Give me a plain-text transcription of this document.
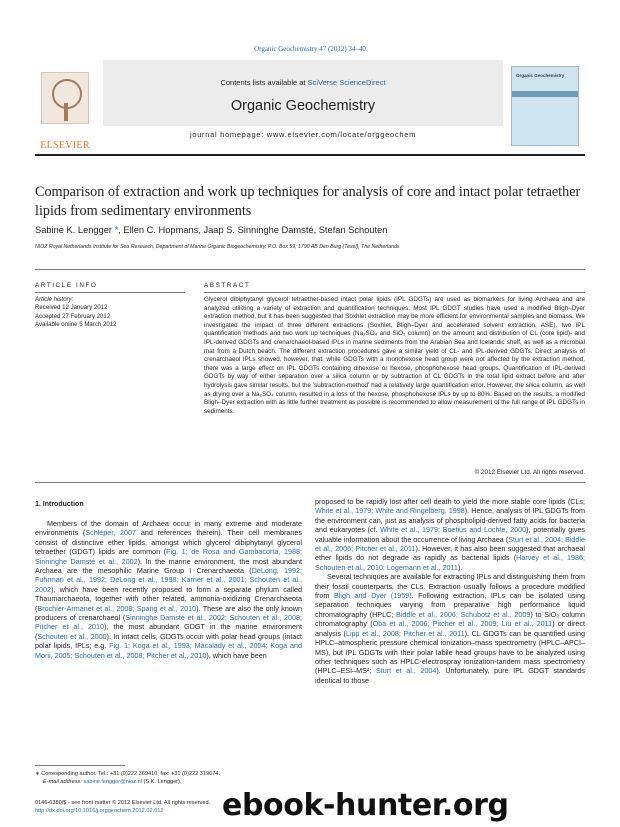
Organic Geochemistry 47 (2012) 34–40
ELSEVIER
Contents lists available at SciVerse ScienceDirect
Organic Geochemistry
journal homepage: www.elsevier.com/locate/orggeochem
Organic Geochemistry
Comparison of extraction and work up techniques for analysis of core and intact polar tetraether lipids from sedimentary environments
Sabine K. Lengger *, Ellen C. Hopmans, Jaap S. Sinninghe Damsté, Stefan Schouten
NIOZ Royal Netherlands Institute for Sea Research, Department of Marine Organic Biogeochemistry, P.O. Box 59, 1790 AB Den Burg (Texel), The Netherlands
ARTICLE INFO	ABSTRACT
Article history:
Received 12 January 2012
Accepted 27 February 2012
Available online 5 March 2012
Glycerol dibiphytanyl glycerol tetraether-based intact polar lipids (IPL GDGTs) are used as biomarkers for living Archaea and are analyzed utilizing a variety of extraction and quantification techniques. Most IPL GDGT studies have used a modified Bligh–Dyer extraction method, but it has been suggested that Soxhlet extraction may be more efficient for environmental samples and biomass. We investigated the impact of three different extractions (Soxhlet, Bligh–Dyer and accelerated solvent extraction, ASE), two IPL quantification methods and two work up techniques (Na₂SO₄ and SiO₂ column) on the amount and distribution of CL (core lipid)- and IPL-derived GDGTs and crenarchaeol-based IPLs in marine sediments from the Arabian Sea and Icelandic shelf, as well as a microbial mat from a Dutch beach. The different extraction procedures gave a similar yield of CL- and IPL-derived GDGTs. Direct analysis of crenarchaeol IPLs showed, however, that, while GDGTs with a monohexose head group were not affected by the extraction method, there was a large effect on IPL GDGTs containing dihexose or hexose, phosphohexose head groups. Quantification of IPL-derived GDGTs by way of either separation over a silica column or by subtraction of CL GDGTs in the total lipid extract before and after hydrolysis gave similar results, but the 'subtraction-method' had a relatively large quantification error. However, the silica column, as well as drying over a Na₂SO₄ column, resulted in a loss of the hexose, phosphohexose IPLs by up to 80%. Based on the results, a modified Bligh–Dyer extraction with as little further treatment as possible is recommended to allow measurement of the full range of IPL GDGTs in sediments.
© 2012 Elsevier Ltd. All rights reserved.
1. Introduction

Members of the domain of Archaea occur in many extreme and moderate environments (Schleper, 2007 and references therein). Their cell membranes consist of distinctive ether lipids, amongst which glycerol dibiphytanyl glycerol tetraether (GDGT) lipids are common (Fig. 1; de Rosa and Gambacorta, 1988; Sinninghe Damsté et al., 2002). In the marine environment, the most abundant Archaea are the mesophilic Marine Group I Crenarchaeota (DeLong, 1992; Fuhrman et al., 1992; DeLong et al., 1998; Karner et al., 2001; Schouten et al., 2002), which have been recently proposed to form a separate phylum called Thaumarchaeota, together with other related, ammonia-oxidizing Crenarchaeota (Brochier-Armanet et al., 2008; Spang et al., 2010). These are also the only known producers of crenarchaeol (Sinninghe Damsté et al., 2002; Schouten et al., 2008; Pitcher et al., 2010), the most abundant GDGT in the marine environment (Schouten et al., 2000). In intact cells, GDGTs occur with polar head groups (intact polar lipids, IPLs; e.g. Fig. 1; Koga et al., 1993; Macalady et al., 2004; Koga and Morii, 2005; Schouten et al., 2008; Pitcher et al., 2010), which have been

proposed to be rapidly lost after cell death to yield the more stable core lipids (CLs; White et al., 1979; White and Ringelberg, 1998). Hence, analysis of IPL GDGTs from the environment can, just as analysis of phospholipid-derived fatty acids for bacteria and eukaryotes (cf. White et al., 1979; Boetius and Lochte, 2000), potentially gives valuable information about the occurrence of living Archaea (Sturt et al., 2004; Biddle et al., 2006; Pitcher et al., 2011). However, it has also been suggested that archaeal ether lipids do not degrade as rapidly as bacterial lipids (Harvey et al., 1986; Schouten et al., 2010; Logemann et al., 2011).

Several techniques are available for extracting IPLs and distinguishing them from their fossil counterparts, the CLs. Extraction usually follows a procedure modified from Bligh and Dyer (1959). Following extraction, IPLs can be isolated using separation techniques varying from preparative high performance liquid chromatography (HPLC; Biddle et al., 2006; Schubotz et al., 2009) to SiO₂ column chromatography (Oba et al., 2006; Pitcher et al., 2009; Liu et al., 2011) or direct analysis (Lipp et al., 2008; Pitcher et al., 2011). CL GDGTs can be quantified using HPLC–atmospheric pressure chemical ionization–mass spectrometry (HPLC–APCI–MS), but IPL GDGTs with their polar labile head groups have to be analyzed using other techniques such as HPLC-electrospray ionization-tandem mass spectrometry (HPLC–ESI–MS²; Sturt et al., 2004). Unfortunately, pure IPL GDGT standards identical to those

∗ Corresponding author. Tel.: +31 (0)222 369410; fax: +31 (0)222 319674.
E-mail address: sabine.lengger@nioz.nl (S.K. Lengger).
0146-6380/$ - see front matter © 2012 Elsevier Ltd. All rights reserved.
http://dx.doi.org/10.1016/j.orggeochem.2012.02.012	ebook-hunter.org
